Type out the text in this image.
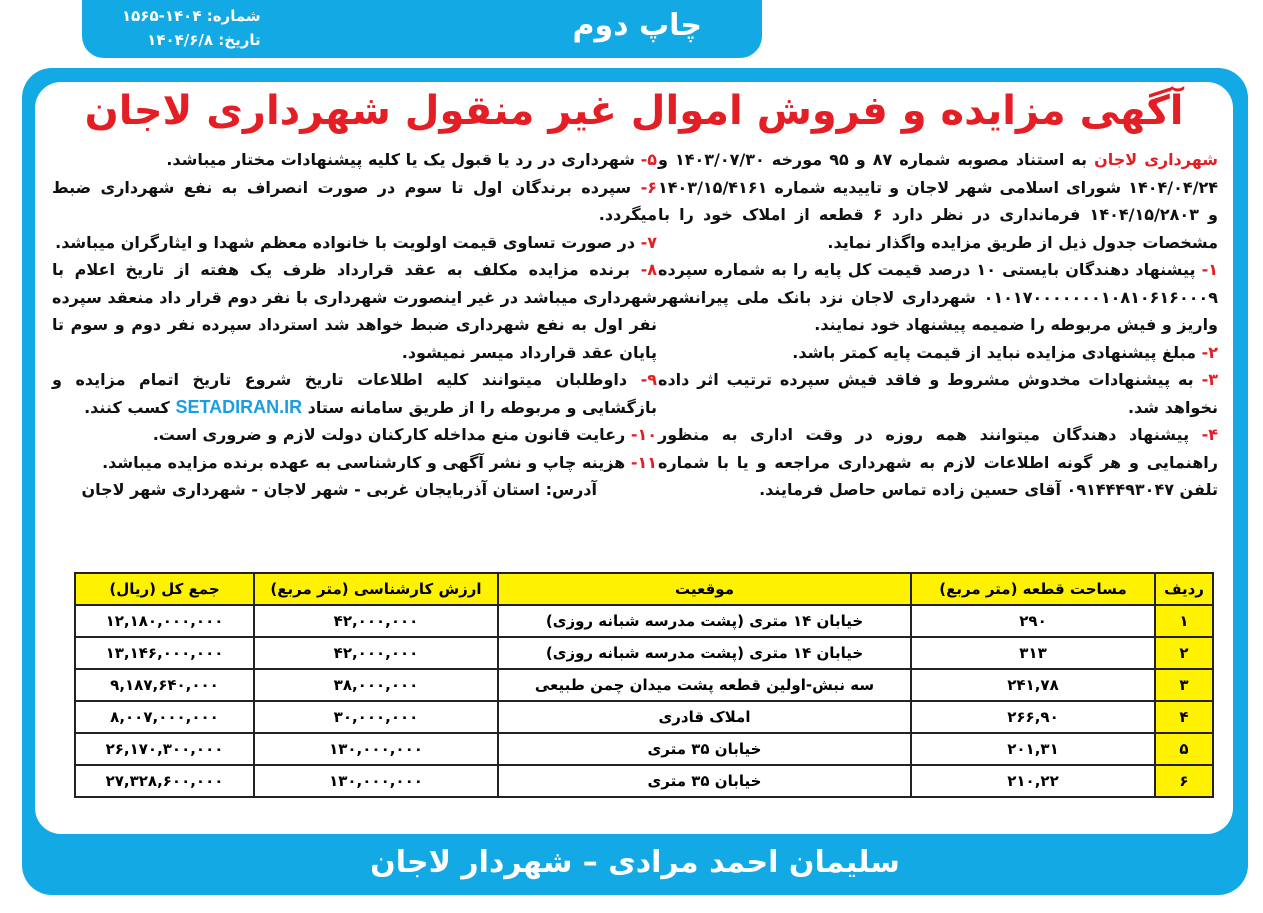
چاپ دوم
شماره: ۱۴۰۴-۱۵۶۵
تاریخ: ۱۴۰۴/۶/۸
آگهی مزایده و فروش اموال غیر منقول شهرداری لاجان

شهرداری لاجان به استناد مصوبه شماره ۸۷ و ۹۵ مورخه ۱۴۰۳/۰۷/۳۰ و ۱۴۰۴/۰۴/۲۴ شورای اسلامی شهر لاجان و تاییدیه شماره ۱۴۰۳/۱۵/۴۱۶۱ و ۱۴۰۴/۱۵/۲۸۰۳ فرمانداری در نظر دارد ۶ قطعه از املاک خود را با مشخصات جدول ذیل از طریق مزایده واگذار نماید.

۱- پیشنهاد دهندگان بایستی ۱۰ درصد قیمت کل پایه را به شماره سپرده ۰۱۰۱۷۰۰۰۰۰۰۰۱۰۸۱۰۶۱۶۰۰۰۹ شهرداری لاجان نزد بانک ملی پیرانشهر واریز و فیش مربوطه را ضمیمه پیشنهاد خود نمایند.

۲- مبلغ پیشنهادی مزایده نباید از قیمت پایه کمتر باشد.

۳- به پیشنهادات مخدوش مشروط و فاقد فیش سپرده ترتیب اثر داده نخواهد شد.

۴- پیشنهاد دهندگان میتوانند همه روزه در وقت اداری به منظور راهنمایی و هر گونه اطلاعات لازم به شهرداری مراجعه و یا با شماره تلفن ۰۹۱۴۴۴۹۳۰۴۷ آقای حسین زاده تماس حاصل فرمایند.

۵- شهرداری در رد یا قبول یک یا کلیه پیشنهادات مختار میباشد.

۶- سپرده برندگان اول تا سوم در صورت انصراف به نفع شهرداری ضبط میگردد.

۷- در صورت تساوی قیمت اولویت با خانواده معظم شهدا و ایثارگران میباشد.

۸- برنده مزایده مکلف به عقد قرارداد ظرف یک هفته از تاریخ اعلام با شهرداری میباشد در غیر اینصورت شهرداری با نفر دوم قرار داد منعقد سپرده نفر اول به نفع شهرداری ضبط خواهد شد استرداد سپرده نفر دوم و سوم تا پایان عقد قرارداد میسر نمیشود.

۹- داوطلبان میتوانند کلیه اطلاعات تاریخ شروع تاریخ اتمام مزایده و بازگشایی و مربوطه را از طریق سامانه ستاد SETADIRAN.IR کسب کنند.

۱۰- رعایت قانون منع مداخله کارکنان دولت لازم و ضروری است.

۱۱- هزینه چاپ و نشر آگهی و کارشناسی به عهده برنده مزایده میباشد.

آدرس: استان آذربایجان غربی - شهر لاجان - شهرداری شهر لاجان

ردیف	مساحت قطعه (متر مربع)	موقعیت	ارزش کارشناسی (متر مربع)	جمع کل (ریال)
۱	۲۹۰	خیابان ۱۴ متری (پشت مدرسه شبانه روزی)	۴۲,۰۰۰,۰۰۰	۱۲,۱۸۰,۰۰۰,۰۰۰
۲	۳۱۳	خیابان ۱۴ متری (پشت مدرسه شبانه روزی)	۴۲,۰۰۰,۰۰۰	۱۳,۱۴۶,۰۰۰,۰۰۰
۳	۲۴۱,۷۸	سه نبش-اولین قطعه پشت میدان چمن طبیعی	۳۸,۰۰۰,۰۰۰	۹,۱۸۷,۶۴۰,۰۰۰
۴	۲۶۶,۹۰	املاک قادری	۳۰,۰۰۰,۰۰۰	۸,۰۰۷,۰۰۰,۰۰۰
۵	۲۰۱,۳۱	خیابان ۳۵ متری	۱۳۰,۰۰۰,۰۰۰	۲۶,۱۷۰,۳۰۰,۰۰۰
۶	۲۱۰,۲۲	خیابان ۳۵ متری	۱۳۰,۰۰۰,۰۰۰	۲۷,۳۲۸,۶۰۰,۰۰۰
سلیمان احمد مرادی – شهردار لاجان
